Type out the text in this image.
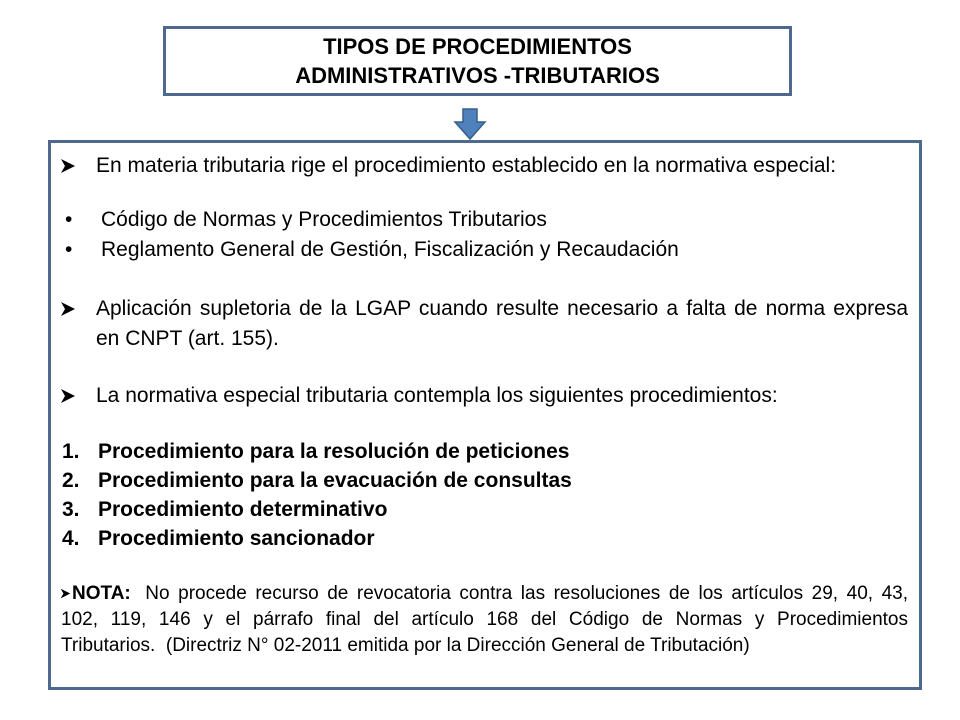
TIPOS DE PROCEDIMIENTOS
ADMINISTRATIVOS -TRIBUTARIOS
En materia tributaria rige el procedimiento establecido en la normativa especial:
•	Código de Normas y Procedimientos Tributarios
•	Reglamento General de Gestión, Fiscalización y Recaudación
Aplicación supletoria de la LGAP cuando resulte necesario a falta de norma expresa
en CNPT (art. 155).
La normativa especial tributaria contempla los siguientes procedimientos:
1. Procedimiento para la resolución de peticiones
2. Procedimiento para la evacuación de consultas
3. Procedimiento determinativo
4. Procedimiento sancionador
NOTA: No procede recurso de revocatoria contra las resoluciones de los artículos 29, 40, 43,
102, 119, 146 y el párrafo final del artículo 168 del Código de Normas y Procedimientos
Tributarios.  (Directriz N° 02-2011 emitida por la Dirección General de Tributación)
